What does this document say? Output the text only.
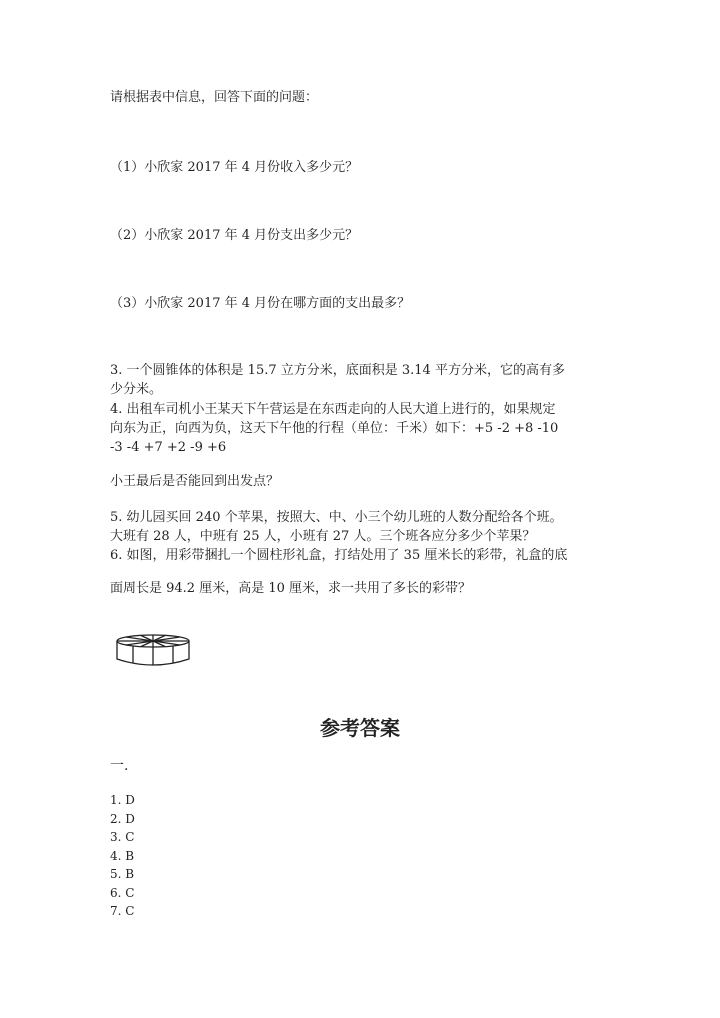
请根据表中信息，回答下面的问题：
（1）小欣家 2017 年 4 月份收入多少元？
（2）小欣家 2017 年 4 月份支出多少元？
（3）小欣家 2017 年 4 月份在哪方面的支出最多？
3. 一个圆锥体的体积是 15.7 立方分米，底面积是 3.14 平方分米，它的高有多
少分米。
4. 出租车司机小王某天下午营运是在东西走向的人民大道上进行的，如果规定
向东为正，向西为负，这天下午他的行程（单位：千米）如下：+5 -2 +8 -10
-3 -4 +7 +2 -9 +6
小王最后是否能回到出发点？
5. 幼儿园买回 240 个苹果，按照大、中、小三个幼儿班的人数分配给各个班。
大班有 28 人，中班有 25 人，小班有 27 人。三个班各应分多少个苹果？
6. 如图，用彩带捆扎一个圆柱形礼盒，打结处用了 35 厘米长的彩带，礼盒的底
面周长是 94.2 厘米，高是 10 厘米，求一共用了多长的彩带？
参考答案
一.
1. D
2. D
3. C
4. B
5. B
6. C
7. C
